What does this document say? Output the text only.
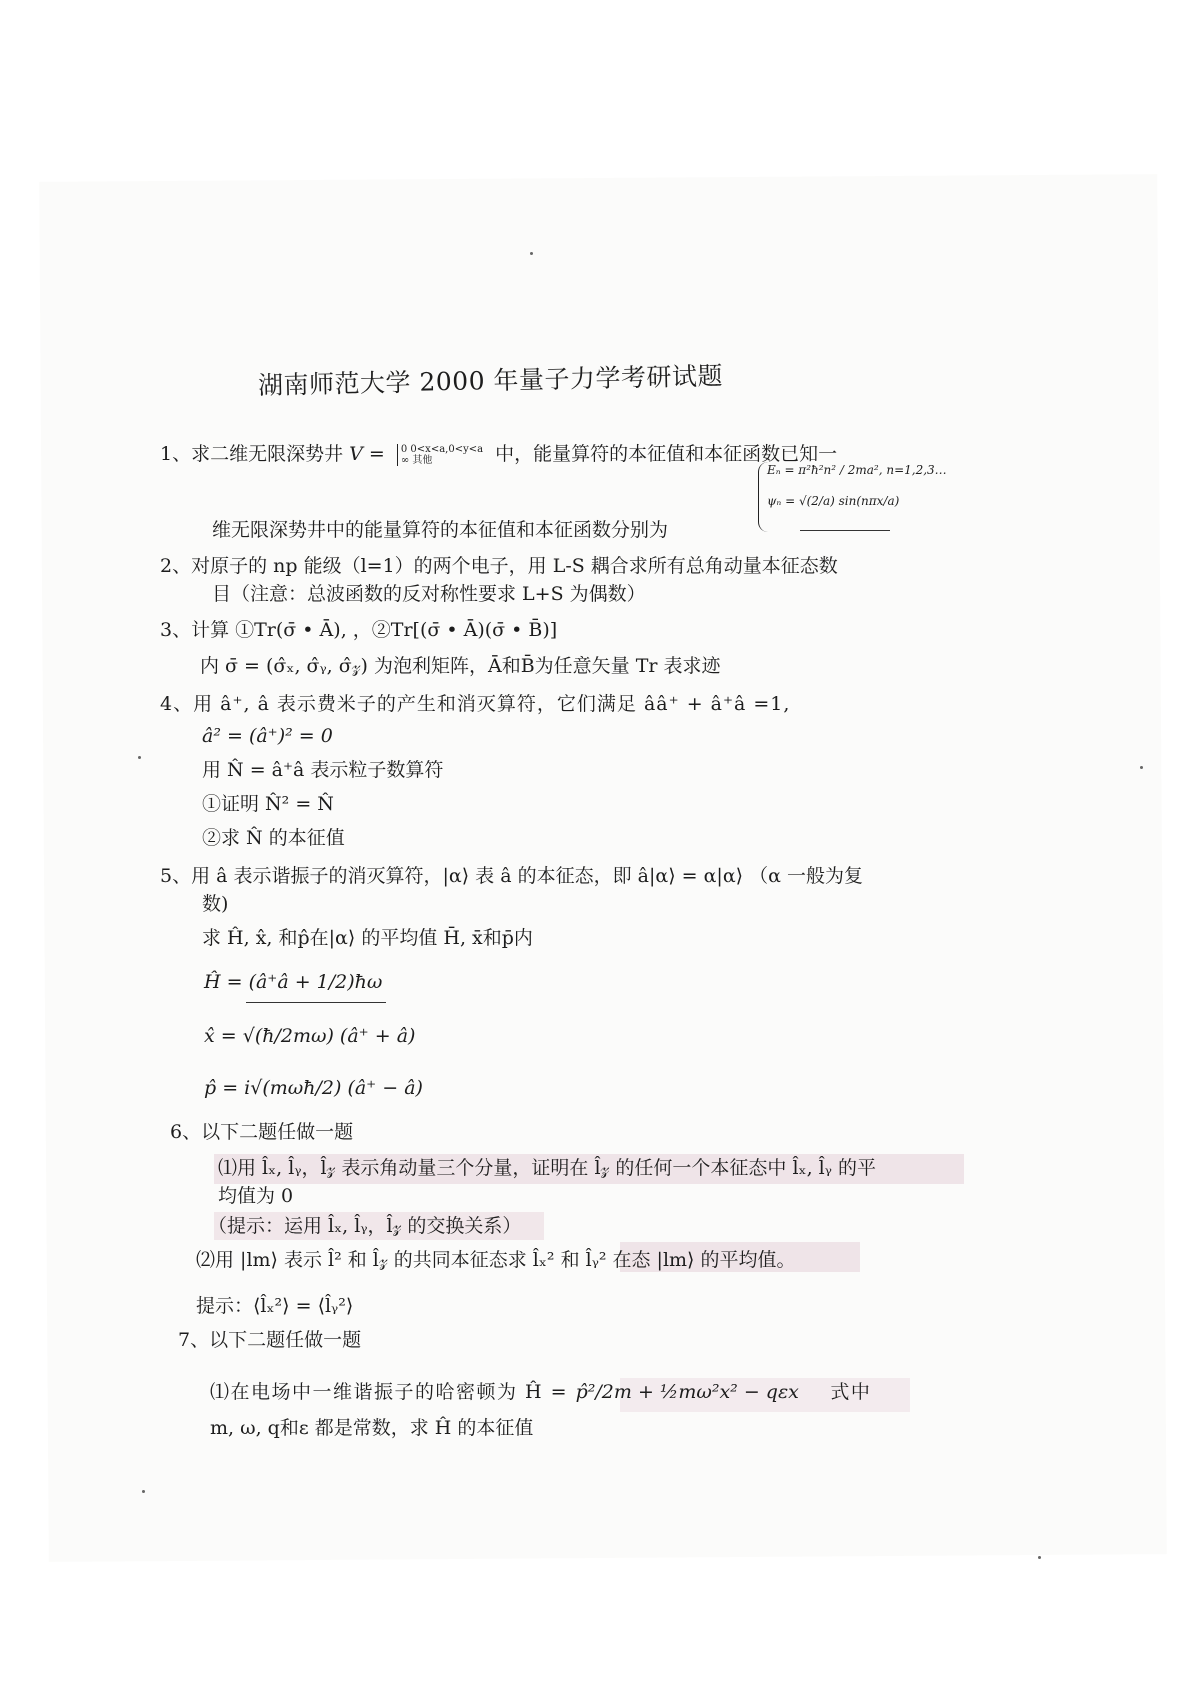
湖南师范大学 2000 年量子力学考研试题
1、求二维无限深势井 V = 0 0<x<a,0<y<a
∞ 其他	中，能量算符的本征值和本征函数已知一
Eₙ = π²ħ²n² / 2ma², n=1,2,3…
ψₙ = √(2/a) sin(nπx/a)
维无限深势井中的能量算符的本征值和本征函数分别为
2、对原子的 np 能级（l=1）的两个电子，用 L-S 耦合求所有总角动量本征态数
目（注意：总波函数的反对称性要求 L+S 为偶数）
3、计算 ①Tr(σ̄ • Ā), ，②Tr[(σ̄ • Ā)(σ̄ • B̄)]
内 σ̄ = (σ̂ₓ, σ̂ᵧ, σ̂𝓏) 为泡利矩阵，Ā和B̄为任意矢量 Tr 表求迹
4、用 â⁺, â 表示费米子的产生和消灭算符，它们满足 ââ⁺ + â⁺â =1,
â² = (â⁺)² = 0
用 N̂ = â⁺â 表示粒子数算符
①证明 N̂² = N̂
②求 N̂ 的本征值
5、用 â 表示谐振子的消灭算符，|α⟩ 表 â 的本征态，即 â|α⟩ = α|α⟩ （α 一般为复
数)
求 Ĥ, x̂, 和p̂在|α⟩ 的平均值 H̄, x̄和p̄内
Ĥ = (â⁺â + 1/2)ħω
x̂ = √(ħ/2mω) (â⁺ + â)
p̂ = i√(mωħ/2) (â⁺ − â)
6、以下二题任做一题
⑴用 l̂ₓ, l̂ᵧ，l̂𝓏 表示角动量三个分量，证明在 l̂𝓏 的任何一个本征态中 l̂ₓ, l̂ᵧ 的平
均值为 0
（提示：运用 l̂ₓ, l̂ᵧ，l̂𝓏 的交换关系）
⑵用 |lm⟩ 表示 l̂² 和 l̂𝓏 的共同本征态求 l̂ₓ² 和 l̂ᵧ² 在态 |lm⟩ 的平均值。
提示：⟨l̂ₓ²⟩ = ⟨l̂ᵧ²⟩
7、以下二题任做一题
⑴在电场中一维谐振子的哈密顿为 Ĥ = p̂²/2m + ½mω²x² − qεx 式中
m, ω, q和ε 都是常数，求 Ĥ 的本征值
